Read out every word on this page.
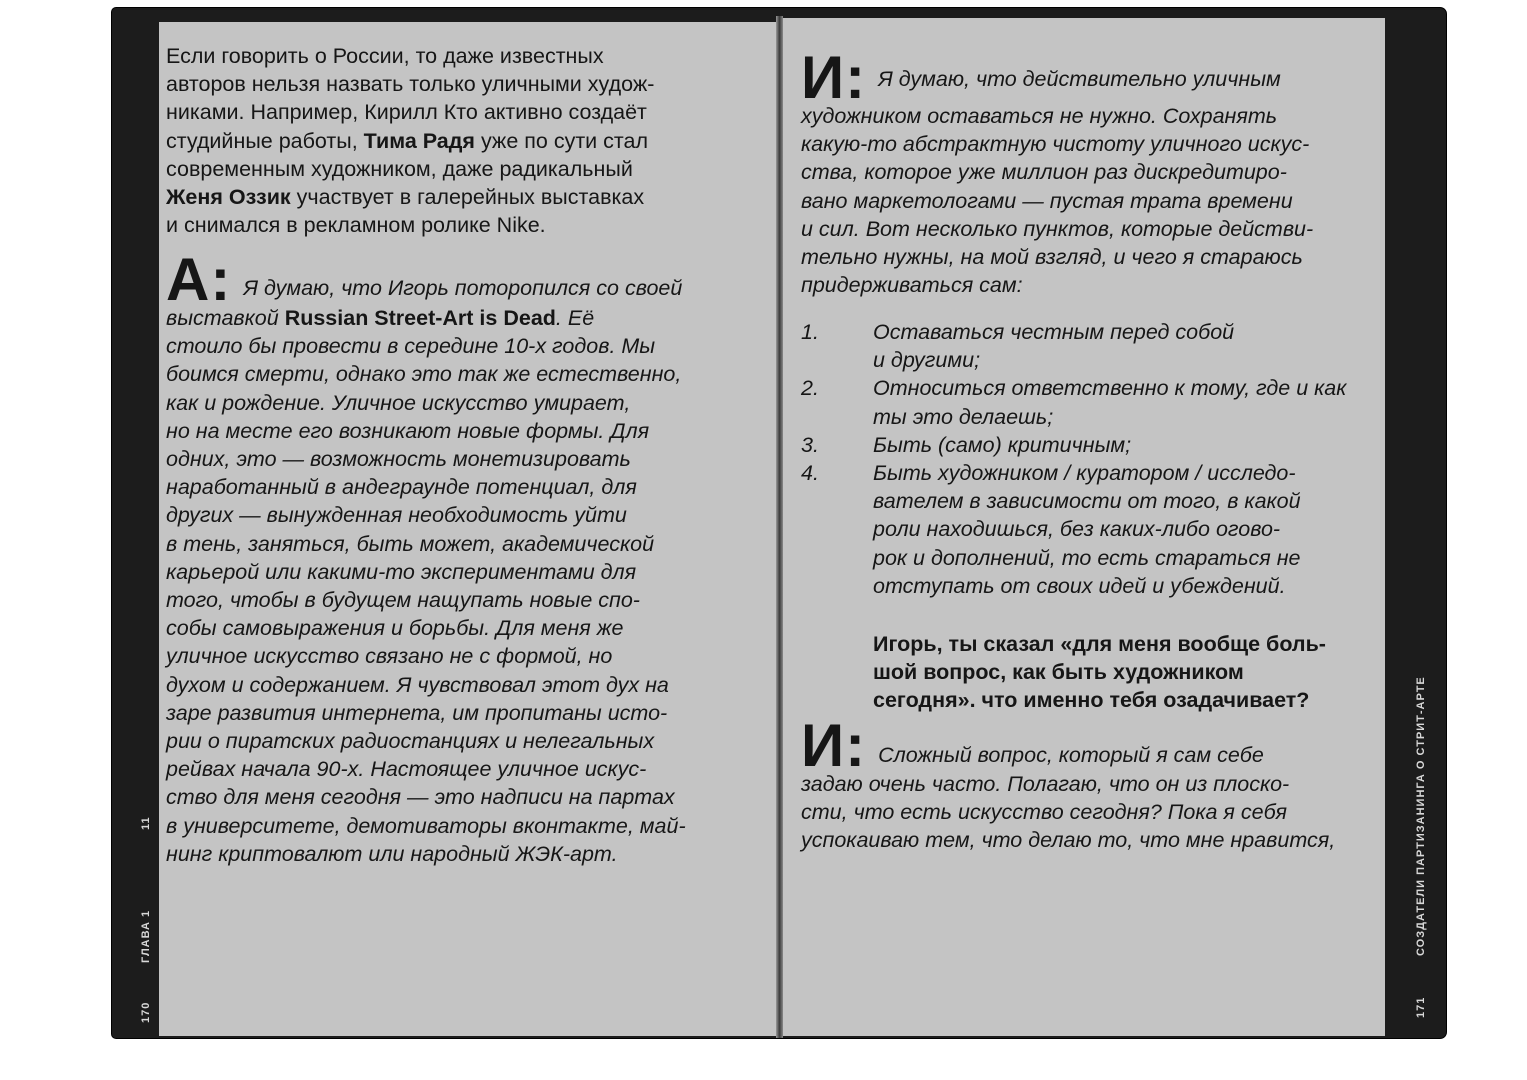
170
ГЛАВА 1
11
171
СОЗДАТЕЛИ ПАРТИЗАНИНГА О СТРИТ-АРТЕ
Если говорить о России, то даже известных
авторов нельзя назвать только уличными худож-
никами. Например, Кирилл Кто активно создаёт
студийные работы, Тима Радя уже по сути стал
современным художником, даже радикальный
Женя Оззик участвует в галерейных выставках
и снимался в рекламном ролике Nike.
А: Я думаю, что Игорь поторопился со своей
выставкой Russian Street-Art is Dead. Её
стоило бы провести в середине 10-х годов. Мы
боимся смерти, однако это так же естественно,
как и рождение. Уличное искусство умирает,
но на месте его возникают новые формы. Для
одних, это — возможность монетизировать
наработанный в андеграунде потенциал, для
других — вынужденная необходимость уйти
в тень, заняться, быть может, академической
карьерой или какими-то экспериментами для
того, чтобы в будущем нащупать новые спо-
собы самовыражения и борьбы. Для меня же
уличное искусство связано не с формой, но
духом и содержанием. Я чувствовал этот дух на
заре развития интернета, им пропитаны исто-
рии о пиратских радиостанциях и нелегальных
рейвах начала 90-х. Настоящее уличное искус-
ство для меня сегодня — это надписи на партах
в университете, демотиваторы вконтакте, май-
нинг криптовалют или народный ЖЭК-арт.
И: Я думаю, что действительно уличным
художником оставаться не нужно. Сохранять
какую-то абстрактную чистоту уличного искус-
ства, которое уже миллион раз дискредитиро-
вано маркетологами — пустая трата времени
и сил. Вот несколько пунктов, которые действи-
тельно нужны, на мой взгляд, и чего я стараюсь
придерживаться сам:
1.	Оставаться честным перед собой
и другими;
2.	Относиться ответственно к тому, где и как
ты это делаешь;
3.	Быть (само) критичным;
4.	Быть художником / куратором / исследо-
вателем в зависимости от того, в какой
роли находишься, без каких-либо огово-
рок и дополнений, то есть стараться не
отступать от своих идей и убеждений.
Игорь, ты сказал «для меня вообще боль-
шой вопрос, как быть художником
сегодня». что именно тебя озадачивает?
И: Сложный вопрос, который я сам себе
задаю очень часто. Полагаю, что он из плоско-
сти, что есть искусство сегодня? Пока я себя
успокаиваю тем, что делаю то, что мне нравится,
